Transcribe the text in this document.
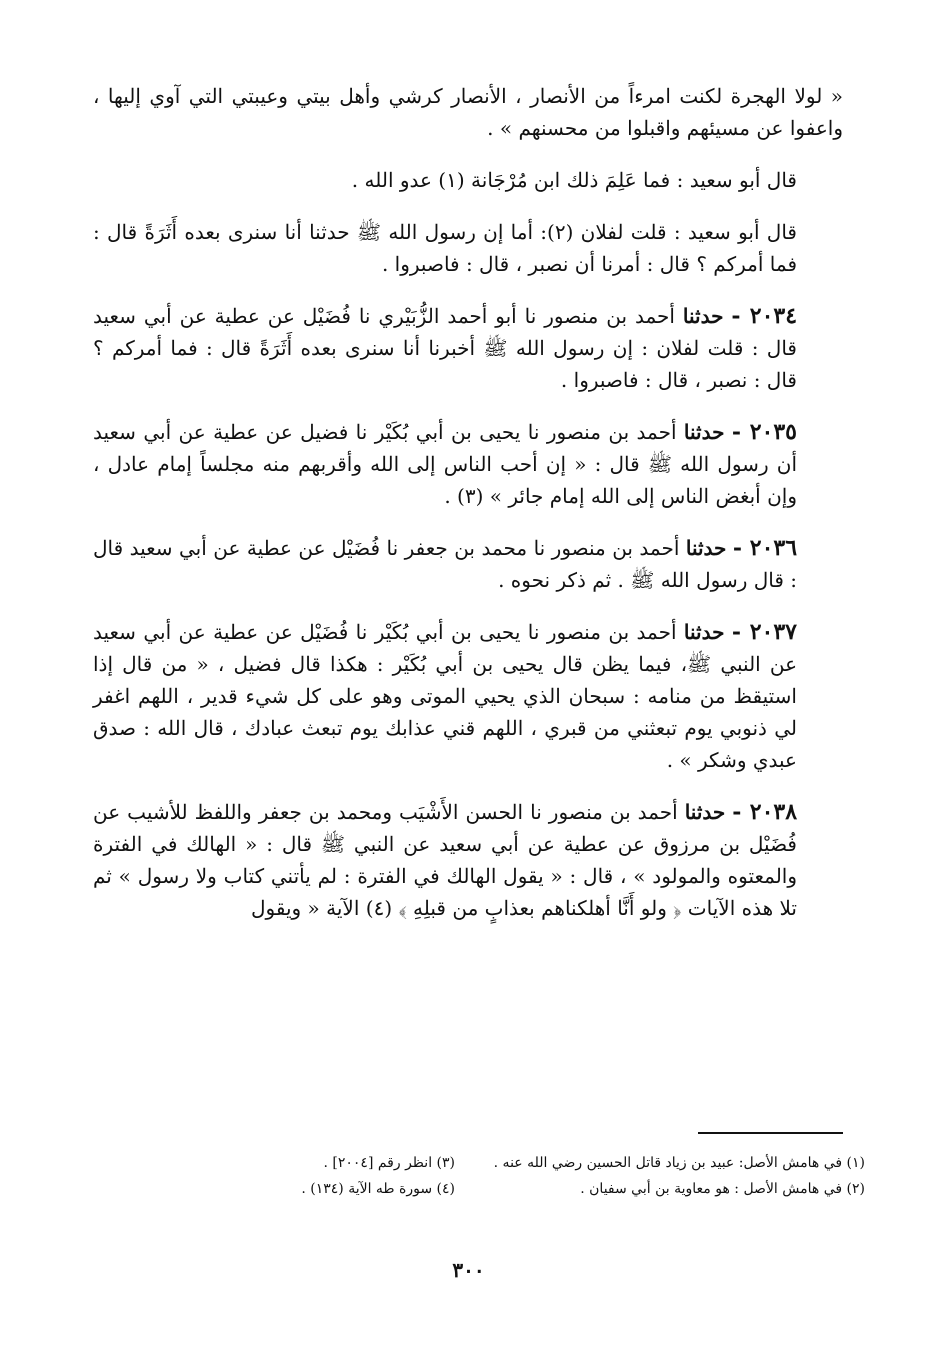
« لولا الهجرة لكنت امرءاً من الأنصار ، الأنصار كرشي وأهل بيتي وعيبتي التي آوي إليها ، واعفوا عن مسيئهم واقبلوا من محسنهم » .

قال أبو سعيد : فما عَلِمَ ذلك ابن مُرْجَانة (١) عدو الله .

قال أبو سعيد : قلت لفلان (٢): أما إن رسول الله ﷺ حدثنا أنا سنرى بعده أَثَرَةً قال : فما أمركم ؟ قال : أمرنا أن نصبر ، قال : فاصبروا .

٢٠٣٤ - حدثنا أحمد بن منصور نا أبو أحمد الزُّبَيْري نا فُضَيْل عن عطية عن أبي سعيد قال : قلت لفلان : إن رسول الله ﷺ أخبرنا أنا سنرى بعده أَثَرَةً قال : فما أمركم ؟ قال : نصبر ، قال : فاصبروا .

٢٠٣٥ - حدثنا أحمد بن منصور نا يحيى بن أبي بُكَيْر نا فضيل عن عطية عن أبي سعيد أن رسول الله ﷺ قال : « إن أحب الناس إلى الله وأقربهم منه مجلساً إمام عادل ، وإن أبغض الناس إلى الله إمام جائر » (٣) .

٢٠٣٦ - حدثنا أحمد بن منصور نا محمد بن جعفر نا فُضَيْل عن عطية عن أبي سعيد قال : قال رسول الله ﷺ . ثم ذكر نحوه .

٢٠٣٧ - حدثنا أحمد بن منصور نا يحيى بن أبي بُكَيْر نا فُضَيْل عن عطية عن أبي سعيد عن النبي ﷺ، فيما يظن قال يحيى بن أبي بُكَيْر : هكذا قال فضيل ، « من قال إذا استيقظ من منامه : سبحان الذي يحيي الموتى وهو على كل شيء قدير ، اللهم اغفر لي ذنوبي يوم تبعثني من قبري ، اللهم قني عذابك يوم تبعث عبادك ، قال الله : صدق عبدي وشكر » .

٢٠٣٨ - حدثنا أحمد بن منصور نا الحسن الأَشْيَب ومحمد بن جعفر واللفظ للأشيب عن فُضَيْل بن مرزوق عن عطية عن أبي سعيد عن النبي ﷺ قال : « الهالك في الفترة والمعتوه والمولود » ، قال : « يقول الهالك في الفترة : لم يأتني كتاب ولا رسول » ثم تلا هذه الآيات ﴿ ولو أَنَّا أهلكناهم بعذابٍ من قبلِهِ ﴾ (٤) الآية « ويقول

(١) في هامش الأصل: عبيد بن زياد قاتل الحسين رضي الله عنه .
(٣) انظر رقم [٢٠٠٤] .
(٢) في هامش الأصل : هو معاوية بن أبي سفيان .
(٤) سورة طه الآية (١٣٤) .
٣٠٠
